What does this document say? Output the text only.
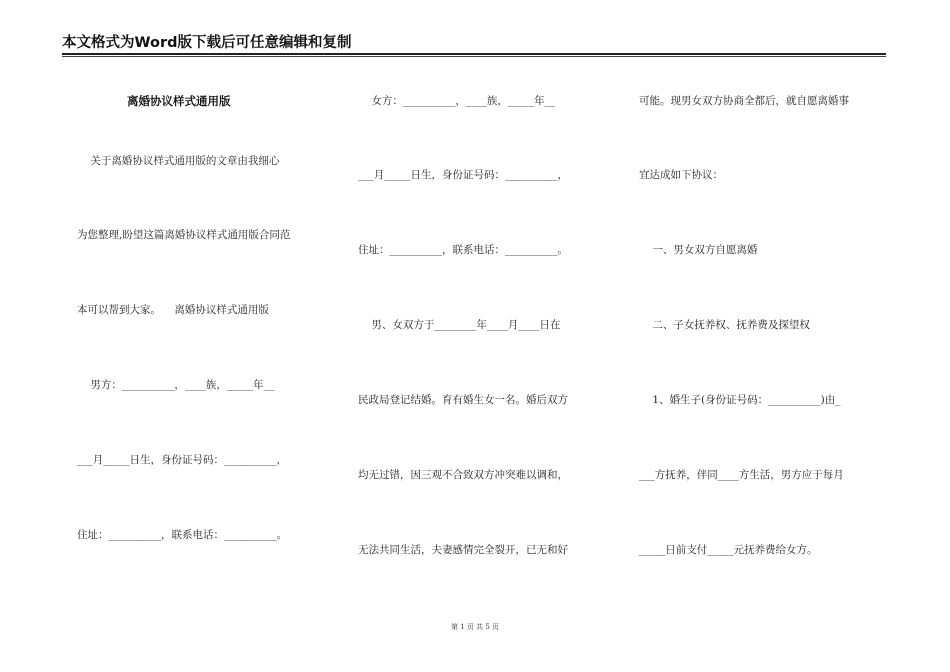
本文格式为Word版下载后可任意编辑和复制
离婚协议样式通用版
关于离婚协议样式通用版的文章由我细心
为您整理,盼望这篇离婚协议样式通用版合同范
本可以帮到大家。    离婚协议样式通用版
男方：__________，____族，_____年__
___月_____日生，身份证号码：__________，
住址：__________，联系电话：__________。
女方：__________，____族，_____年__
___月_____日生，身份证号码：__________，
住址：__________，联系电话：__________。
男、女双方于________年____月____日在
民政局登记结婚。育有婚生女一名。婚后双方
均无过错，因三观不合致双方冲突难以调和，
无法共同生活，夫妻感情完全裂开，已无和好
可能。现男女双方协商全都后，就自愿离婚事
宜达成如下协议：
一、男女双方自愿离婚
二、子女抚养权、抚养费及探望权
1、婚生子(身份证号码：__________)由_
___方抚养，伴同____方生活，男方应于每月
_____日前支付_____元抚养费给女方。
第 1 页 共 5 页
